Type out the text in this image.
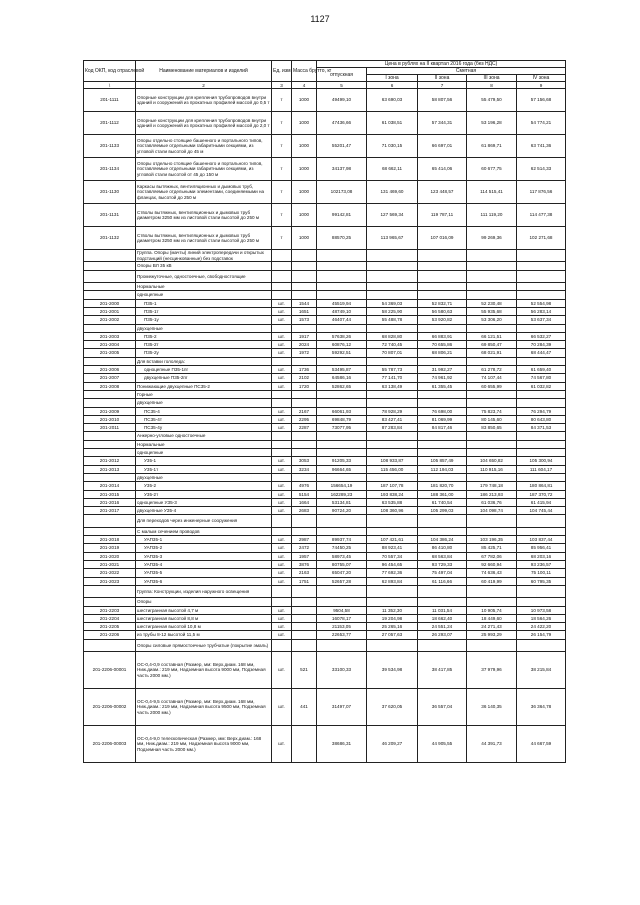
1127
Код ОКП, код отраслевой	Наименование материалов и изделий	Ед. изм	Масса брутто, кг	Цена в рублях на II квартал 2016 года (без НДС)				
				отпускная	Сметная			
					I зона	II зона	III зона	IV зона
\	2	3	4	5	6	7	8	9
201-1111	Опорные конструкции для крепления трубопроводов внутри зданий и сооружений из прокатных профилей массой до 0,5 т	т	1000	49499,10	63 690,03	58 807,56	55 479,50	57 156,68
201-1112	Опорные конструкции для крепления трубопроводов внутри зданий и сооружений из прокатных профилей массой до 2,0 т	т	1000	47436,66	61 038,51	57 344,31	53 196,28	54 774,21
201-1133	Опоры отдельно стоящие башенного и портального типов, поставляемые отдельными габаритными секциями, из угловой стали высотой до 45 м	т	1000	55201,47	71 030,15	66 697,01	61 869,71	63 741,36
201-1134	Опоры отдельно стоящие башенного и портального типов, поставляемые отдельными габаритными секциями, из угловой стали высотой от 45 до 150 м	т	1000	34137,98	68 662,11	65 414,06	60 677,75	62 514,33
201-1130	Каркасы вытяжных, вентиляционных и дымовых труб, поставляемые отдельными элементами, соединяемыми на фланцах, высотой до 250 м	т	1000	102173,08	131 469,60	123 448,57	114 515,41	117 876,56
201-1131	Стволы вытяжных, вентиляционных и дымовых труб диаметром 3250 мм из листовой стали высотой до 250 м	т	1000	99142,81	127 569,34	119 787,11	111 119,20	114 477,38
201-1132	Стволы вытяжных, вентиляционных и дымовых труб диаметром 3250 мм из листовой стали высотой до 250 м	т	1000	88570,25	113 965,67	107 016,09	99 269,36	102 271,68
	Группа. Опоры (мачты) линий электропередачи и открытых подстанций (несцинкованные) без подставок							
	Опоры ВЛ 35 кВ							
	Промежуточные, одностоечные, свободностоящие							
	Нормальные							
	одноцепные							
201-2000	П35-1	шт.	1544	45519,94	54 369,03	52 832,71	52 230,48	52 554,98
201-2001	П35-1т	шт.	1651	48749,10	58 225,90	56 580,63	55 935,68	56 283,14
201-2002	П35-1у	шт.	1573	46407,44	55 488,78	53 920,82	53 306,20	53 637,34
	двухцепные							
201-2003	П35-2	шт.	1917	57638,26	68 828,80	66 883,91	66 121,51	66 532,27
201-2004	П35-2т	шт.	2024	60876,12	72 740,45	70 655,86	69 850,47	70 284,39
201-2005	П35-2у	шт.	1972	59292,51	70 807,01	68 806,21	68 021,91	68 444,47
	Для вставки гололеда:							
201-2006	одноцепные П35-1пг	шт.	1736	53495,87	55 787,73	31 992,27	61 278,72	61 659,40
201-2007	двухцепные П35-2пг	шт.	2102	64586,16	77 141,70	74 961,92	74 107,44	74 567,80
201-2008	Понижающие двухцепные ПС35-2	шт.	1720	52862,65	63 138,49	61 355,45	60 655,99	61 032,82
	Горные							
	двухцепные							
201-2009	ПС35-4	шт.	2167	66061,93	78 928,29	76 698,00	75 823,74	76 294,79
201-2010	ПС35-4т	шт.	2295	69848,79	83 427,41	81 069,99	80 145,60	80 643,80
201-2011	ПС35-4у	шт.	2287	73077,95	87 283,84	84 817,46	83 850,65	84 371,53
	Анкерно-угловые одностоечные							
	Нормальные							
	одноцепные							
201-2012	У35-1	шт.	3053	91205,33	108 933,87	105 857,49	104 650,82	105 300,94
201-2013	У35-1т	шт.	3234	96664,65	115 456,00	112 194,03	110 915,16	111 604,17
	двухцепные							
201-2014	У35-2	шт.	4976	156654,19	187 107,78	181 820,70	179 748,18	180 864,81
201-2015	У35-2т	шт.	5154	162289,23	193 838,24	188 361,00	186 213,93	187 370,72
201-2016	одноцепные УЗ5-3	шт.	1664	53134,81	63 535,88	61 740,54	61 036,76	61 415,94
201-2017	двухцепные УЗ5-4	шт.	2683	90724,20	108 360,96	105 299,03	104 098,74	104 745,44
	Для переходов через инженерные сооружения							
	С малым сечением проводов							
201-2018	УАП35-1	шт.	2987	89937,74	107 421,61	104 386,24	103 196,35	103 837,44
201-2019	УАП35-2	шт.	2472	74450,25	88 923,41	86 410,80	85 425,71	85 956,41
201-2020	УАП35-3	шт.	1957	58973,45	70 557,34	68 563,84	67 782,06	68 203,16
201-2021	УАП35-4	шт.	3876	80755,07	96 454,65	93 729,33	92 660,94	93 236,57
201-2022	УАП35-5	шт.	2163	65047,20	77 692,36	75 497,04	74 636,43	75 100,11
201-2023	УАП35-6	шт.	1751	52657,28	62 893,84	61 116,66	60 419,99	60 795,35
	Группа: Конструкции, изделия наружного освещения							
	Опоры							
201-2203	шестигранная высотой 4,7 м	шт.		9504,58	11 352,30	11 031,54	10 905,74	10 973,58
201-2204	шестигранная высотой 8,8 м	шт.		16078,17	19 204,98	18 662,40	18 449,60	18 564,26
201-2205	шестигранная высотой 10,8 м	шт.		21153,05	25 265,16	24 551,24	24 271,43	24 422,20
201-2206	из трубы 8-12 высотой 11,5 м	шт.		22653,77	27 057,63	26 293,07	25 993,29	26 154,79
	Опоры силовые прямостоечные трубчатые (покрытие эмаль)							
201-2206-00001	ОС-0,4-0,9 составная (Размер, мм: Верх.диам. 168 мм, Ниж.диам.: 219 мм, Надземная высота 9000 мм, Подземная часть 2000 мм.)	шт.	521	33100,33	39 534,98	38 417,85	37 979,96	38 215,84
201-2206-00002	ОС-0,4-9,5 составная (Размер, мм: Верх.диам. 168 мм, Ниж.диам.: 219 мм, Надземная высота 9500 мм, Подземная часть 2000 мм.)	шт.	441	31497,07	37 620,05	36 557,04	36 140,35	36 364,78
201-2206-00003	ОС-0,4-9,0 телескопическая (Размер, мм: Верх.диам.: 168 мм, Ниж.диам.: 219 мм, Надземная высота 9000 мм, Подземная часть 2000 мм.)	шт.		38686,31	46 209,27	44 905,55	44 391,73	44 667,59
